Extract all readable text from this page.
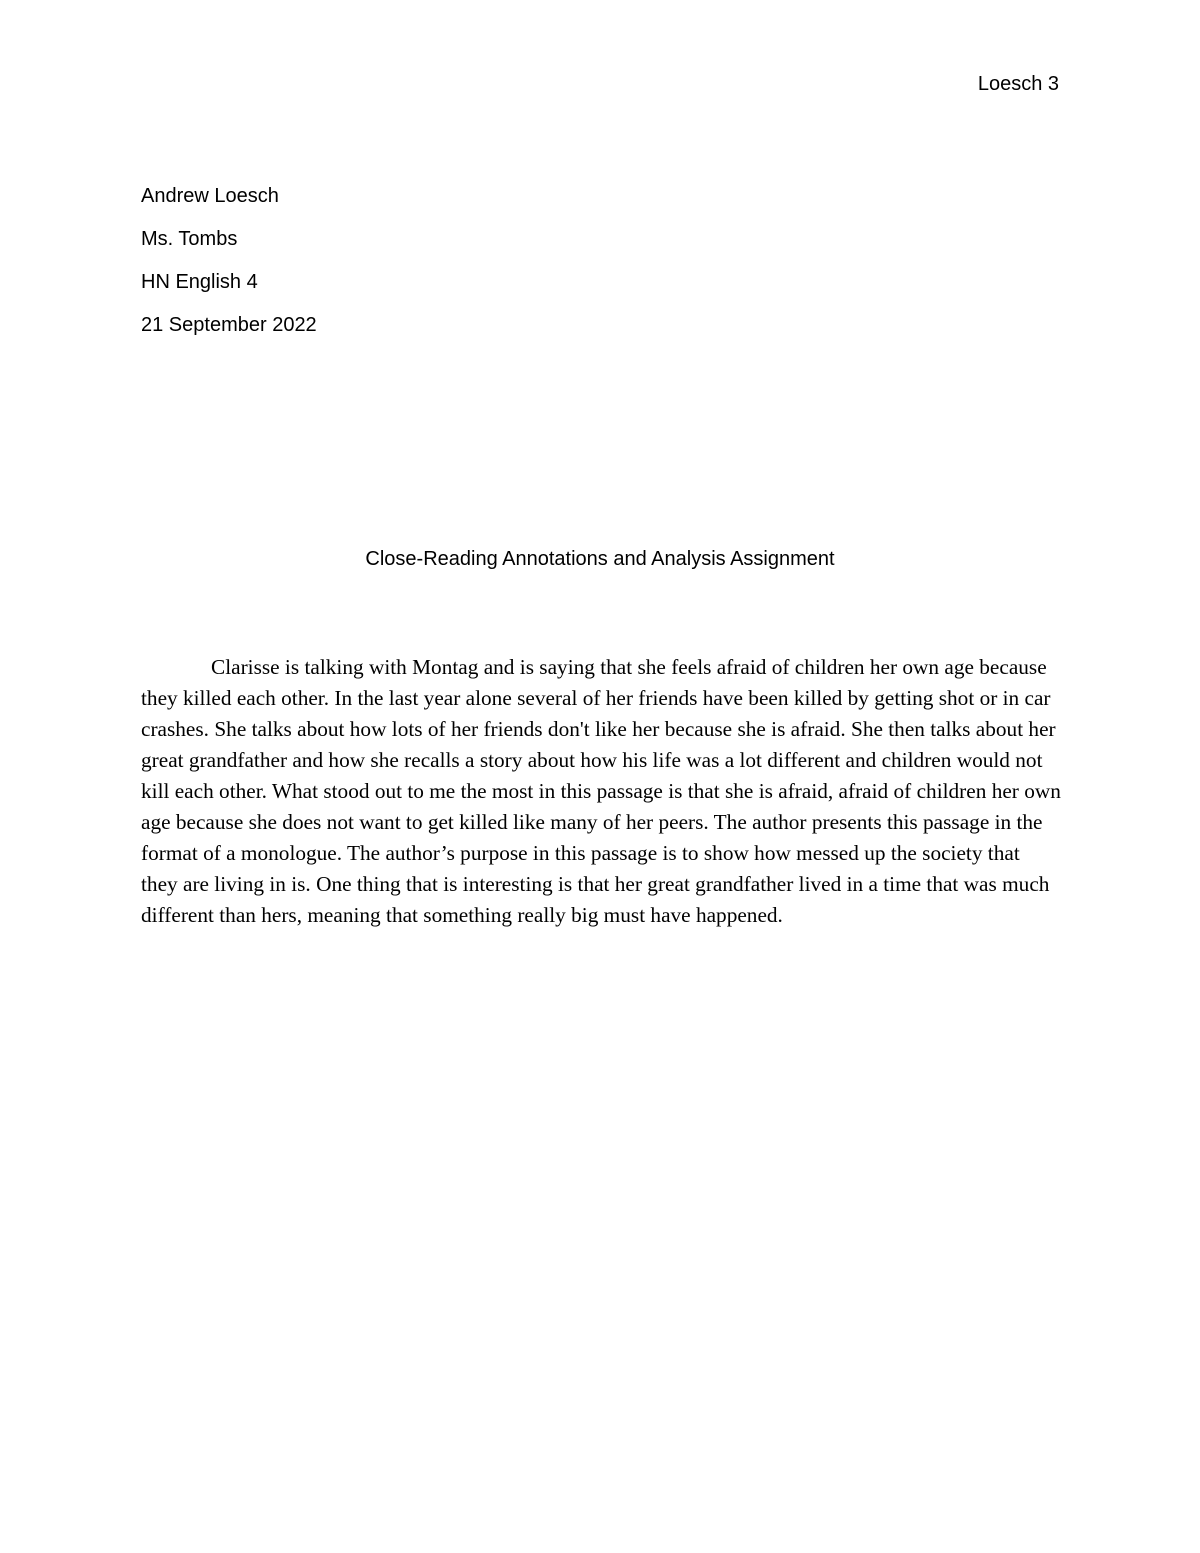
Loesch 3
Andrew Loesch
Ms. Tombs
HN English 4
21 September 2022
Close-Reading Annotations and Analysis Assignment

Clarisse is talking with Montag and is saying that she feels afraid of children her own age because they killed each other. In the last year alone several of her friends have been killed by getting shot or in car crashes. She talks about how lots of her friends don't like her because she is afraid. She then talks about her great grandfather and how she recalls a story about how his life was a lot different and children would not kill each other. What stood out to me the most in this passage is that she is afraid, afraid of children her own age because she does not want to get killed like many of her peers. The author presents this passage in the format of a monologue. The author’s purpose in this passage is to show how messed up the society that they are living in is. One thing that is interesting is that her great grandfather lived in a time that was much different than hers, meaning that something really big must have happened.
